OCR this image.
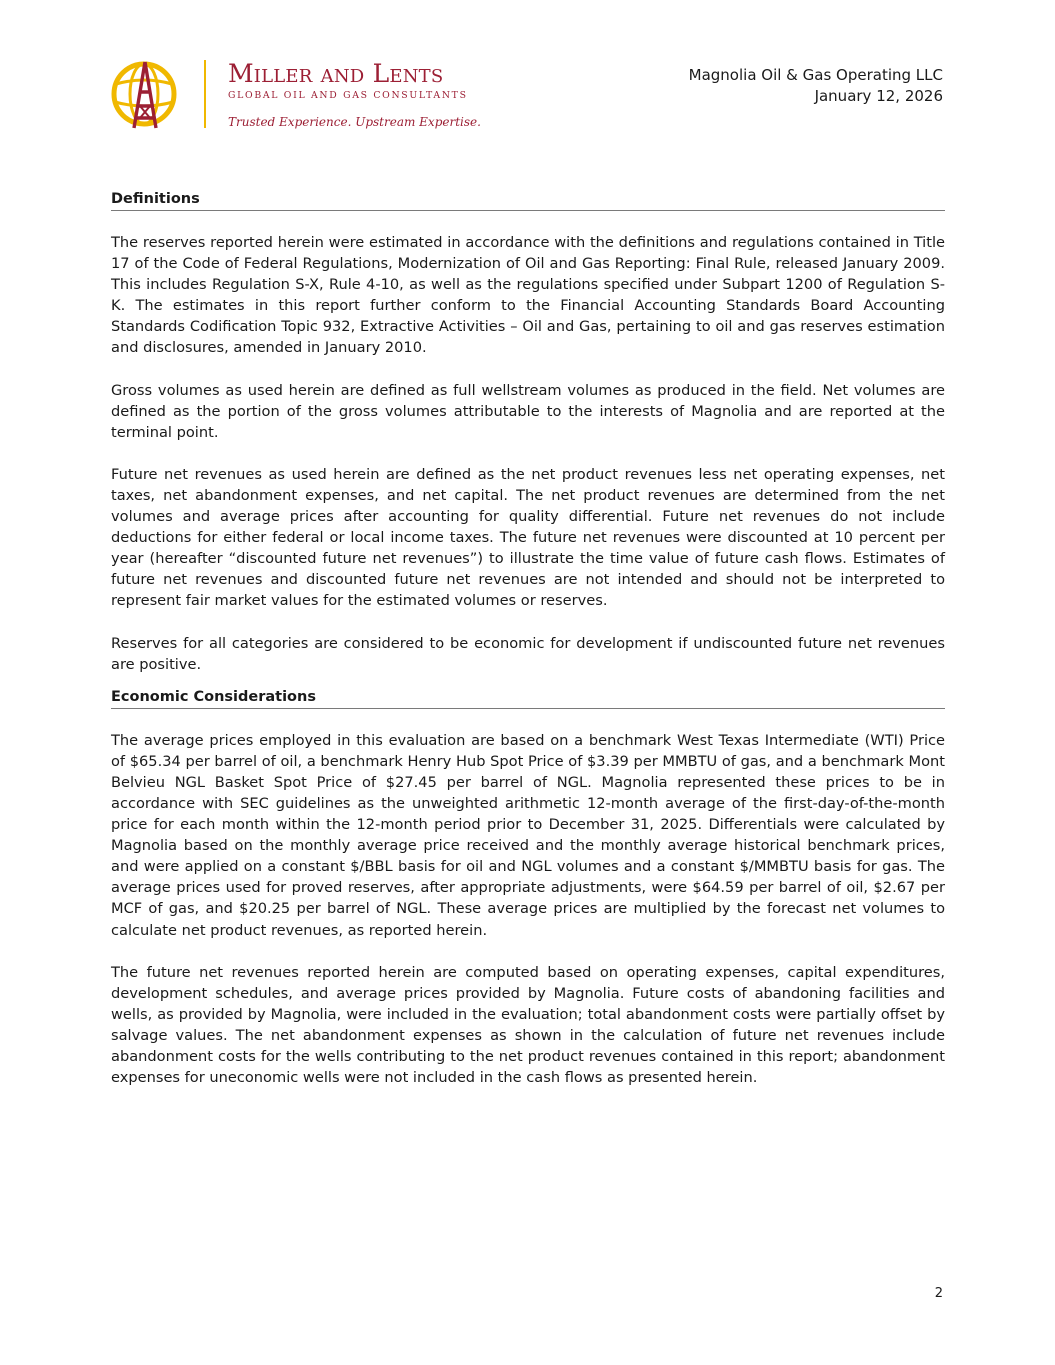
Miller and Lents
GLOBAL OIL AND GAS CONSULTANTS
Trusted Experience. Upstream Expertise.
Magnolia Oil & Gas Operating LLC
January 12, 2026
Definitions

The reserves reported herein were estimated in accordance with the definitions and regulations contained in Title 17 of the Code of Federal Regulations, Modernization of Oil and Gas Reporting: Final Rule, released January 2009. This includes Regulation S-X, Rule 4-10, as well as the regulations specified under Subpart 1200 of Regulation S-K. The estimates in this report further conform to the Financial Accounting Standards Board Accounting Standards Codification Topic 932, Extractive Activities – Oil and Gas, pertaining to oil and gas reserves estimation and disclosures, amended in January 2010.

Gross volumes as used herein are defined as full wellstream volumes as produced in the field. Net volumes are defined as the portion of the gross volumes attributable to the interests of Magnolia and are reported at the terminal point.

Future net revenues as used herein are defined as the net product revenues less net operating expenses, net taxes, net abandonment expenses, and net capital. The net product revenues are determined from the net volumes and average prices after accounting for quality differential. Future net revenues do not include deductions for either federal or local income taxes. The future net revenues were discounted at 10 percent per year (hereafter “discounted future net revenues”) to illustrate the time value of future cash flows. Estimates of future net revenues and discounted future net revenues are not intended and should not be interpreted to represent fair market values for the estimated volumes or reserves.

Reserves for all categories are considered to be economic for development if undiscounted future net revenues are positive.

Economic Considerations

The average prices employed in this evaluation are based on a benchmark West Texas Intermediate (WTI) Price of $65.34 per barrel of oil, a benchmark Henry Hub Spot Price of $3.39 per MMBTU of gas, and a benchmark Mont Belvieu NGL Basket Spot Price of $27.45 per barrel of NGL. Magnolia represented these prices to be in accordance with SEC guidelines as the unweighted arithmetic 12-month average of the first-day-of-the-month price for each month within the 12-month period prior to December 31, 2025. Differentials were calculated by Magnolia based on the monthly average price received and the monthly average historical benchmark prices, and were applied on a constant $/BBL basis for oil and NGL volumes and a constant $/MMBTU basis for gas. The average prices used for proved reserves, after appropriate adjustments, were $64.59 per barrel of oil, $2.67 per MCF of gas, and $20.25 per barrel of NGL. These average prices are multiplied by the forecast net volumes to calculate net product revenues, as reported herein.

The future net revenues reported herein are computed based on operating expenses, capital expenditures, development schedules, and average prices provided by Magnolia. Future costs of abandoning facilities and wells, as provided by Magnolia, were included in the evaluation; total abandonment costs were partially offset by salvage values. The net abandonment expenses as shown in the calculation of future net revenues include abandonment costs for the wells contributing to the net product revenues contained in this report; abandonment expenses for uneconomic wells were not included in the cash flows as presented herein.

2
